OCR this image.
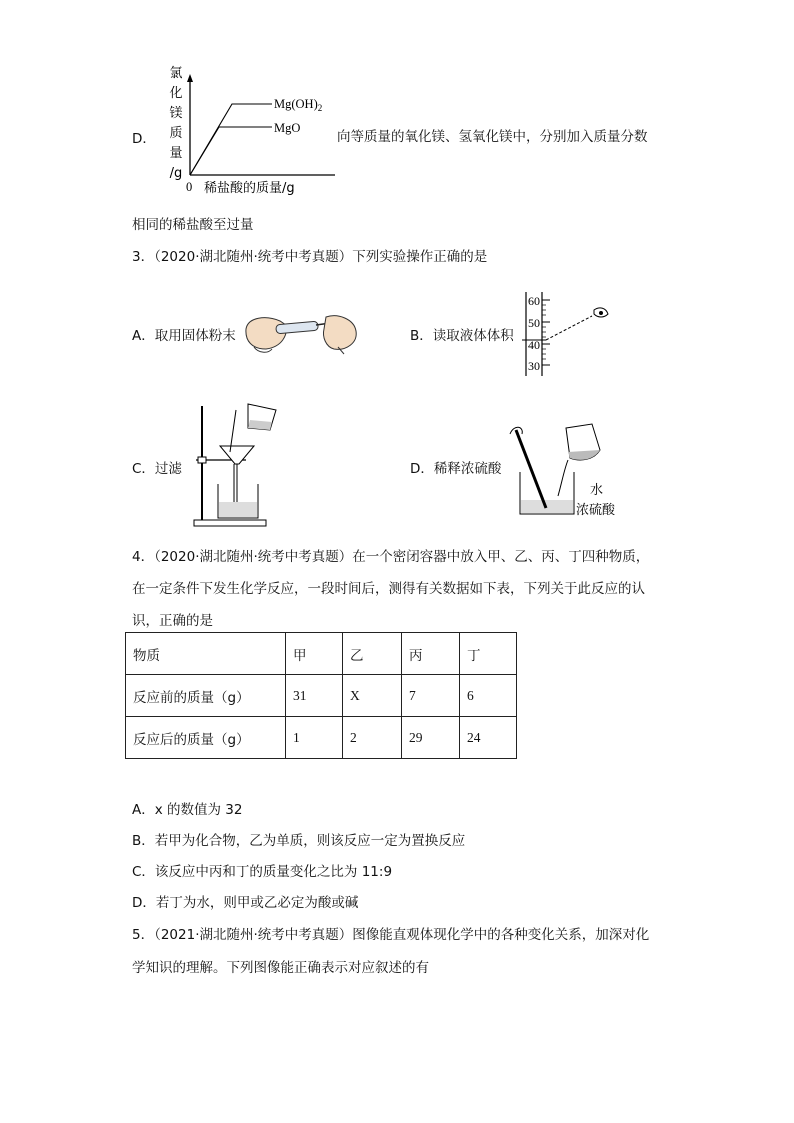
D．
氯
化
镁
质
量
/g
$Mg(OH)_2$
MgO
0 稀盐酸的质量/g
向等质量的氧化镁、氢氧化镁中，分别加入质量分数
相同的稀盐酸至过量
3．（2020·湖北随州·统考中考真题）下列实验操作正确的是
A．取用固体粉末	B．读取液体体积
60
50
40
30
C．过滤	D．稀释浓硫酸
水
浓硫酸
4．（2020·湖北随州·统考中考真题）在一个密闭容器中放入甲、乙、丙、丁四种物质，
在一定条件下发生化学反应，一段时间后，测得有关数据如下表，下列关于此反应的认
识，正确的是
物质	甲	乙	丙	丁
反应前的质量（g）	31	X	7	6
反应后的质量（g）	1	2	29	24
A．x 的数值为 32
B．若甲为化合物，乙为单质，则该反应一定为置换反应
C．该反应中丙和丁的质量变化之比为 11:9
D．若丁为水，则甲或乙必定为酸或碱
5．（2021·湖北随州·统考中考真题）图像能直观体现化学中的各种变化关系，加深对化
学知识的理解。下列图像能正确表示对应叙述的有
